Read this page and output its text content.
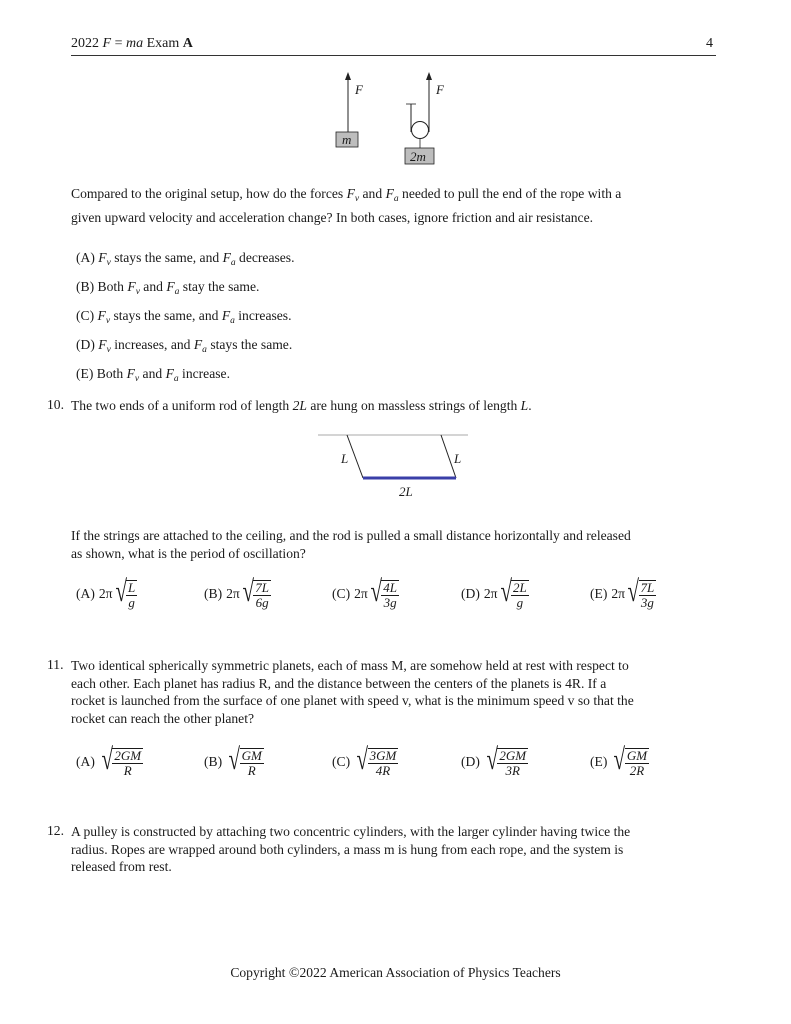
2022 F = ma Exam A	4
F
m
F
2m
Compared to the original setup, how do the forces $F_v$ and $F_a$ needed to pull the end of the rope with a
given upward velocity and acceleration change? In both cases, ignore friction and air resistance.
(A) $F_v$ stays the same, and $F_a$ decreases.
(B) Both $F_v$ and $F_a$ stay the same.
(C) $F_v$ stays the same, and $F_a$ increases.
(D) $F_v$ increases, and $F_a$ stays the same.
(E) Both $F_v$ and $F_a$ increase.
10. The two ends of a uniform rod of length 2L are hung on massless strings of length L.
L	L
2L
If the strings are attached to the ceiling, and the rod is pulled a small distance horizontally and released
as shown, what is the period of oscillation?
(A) 2π √ $\frac{L}{g}$	(B) 2π √ $\frac{7L}{6g}$	(C) 2π √ $\frac{4L}{3g}$	(D) 2π √ $\frac{2L}{g}$	(E) 2π √ $\frac{7L}{3g}$
11. Two identical spherically symmetric planets, each of mass M, are somehow held at rest with respect to
each other. Each planet has radius R, and the distance between the centers of the planets is 4R. If a
rocket is launched from the surface of one planet with speed v, what is the minimum speed v so that the
rocket can reach the other planet?
(A) √ $\frac{2GM}{R}$	(B) √ $\frac{GM}{R}$	(C) √ $\frac{3GM}{4R}$	(D) √ $\frac{2GM}{3R}$	(E) √ $\frac{GM}{2R}$
12. A pulley is constructed by attaching two concentric cylinders, with the larger cylinder having twice the
radius. Ropes are wrapped around both cylinders, a mass m is hung from each rope, and the system is
released from rest.
Copyright ©2022 American Association of Physics Teachers
